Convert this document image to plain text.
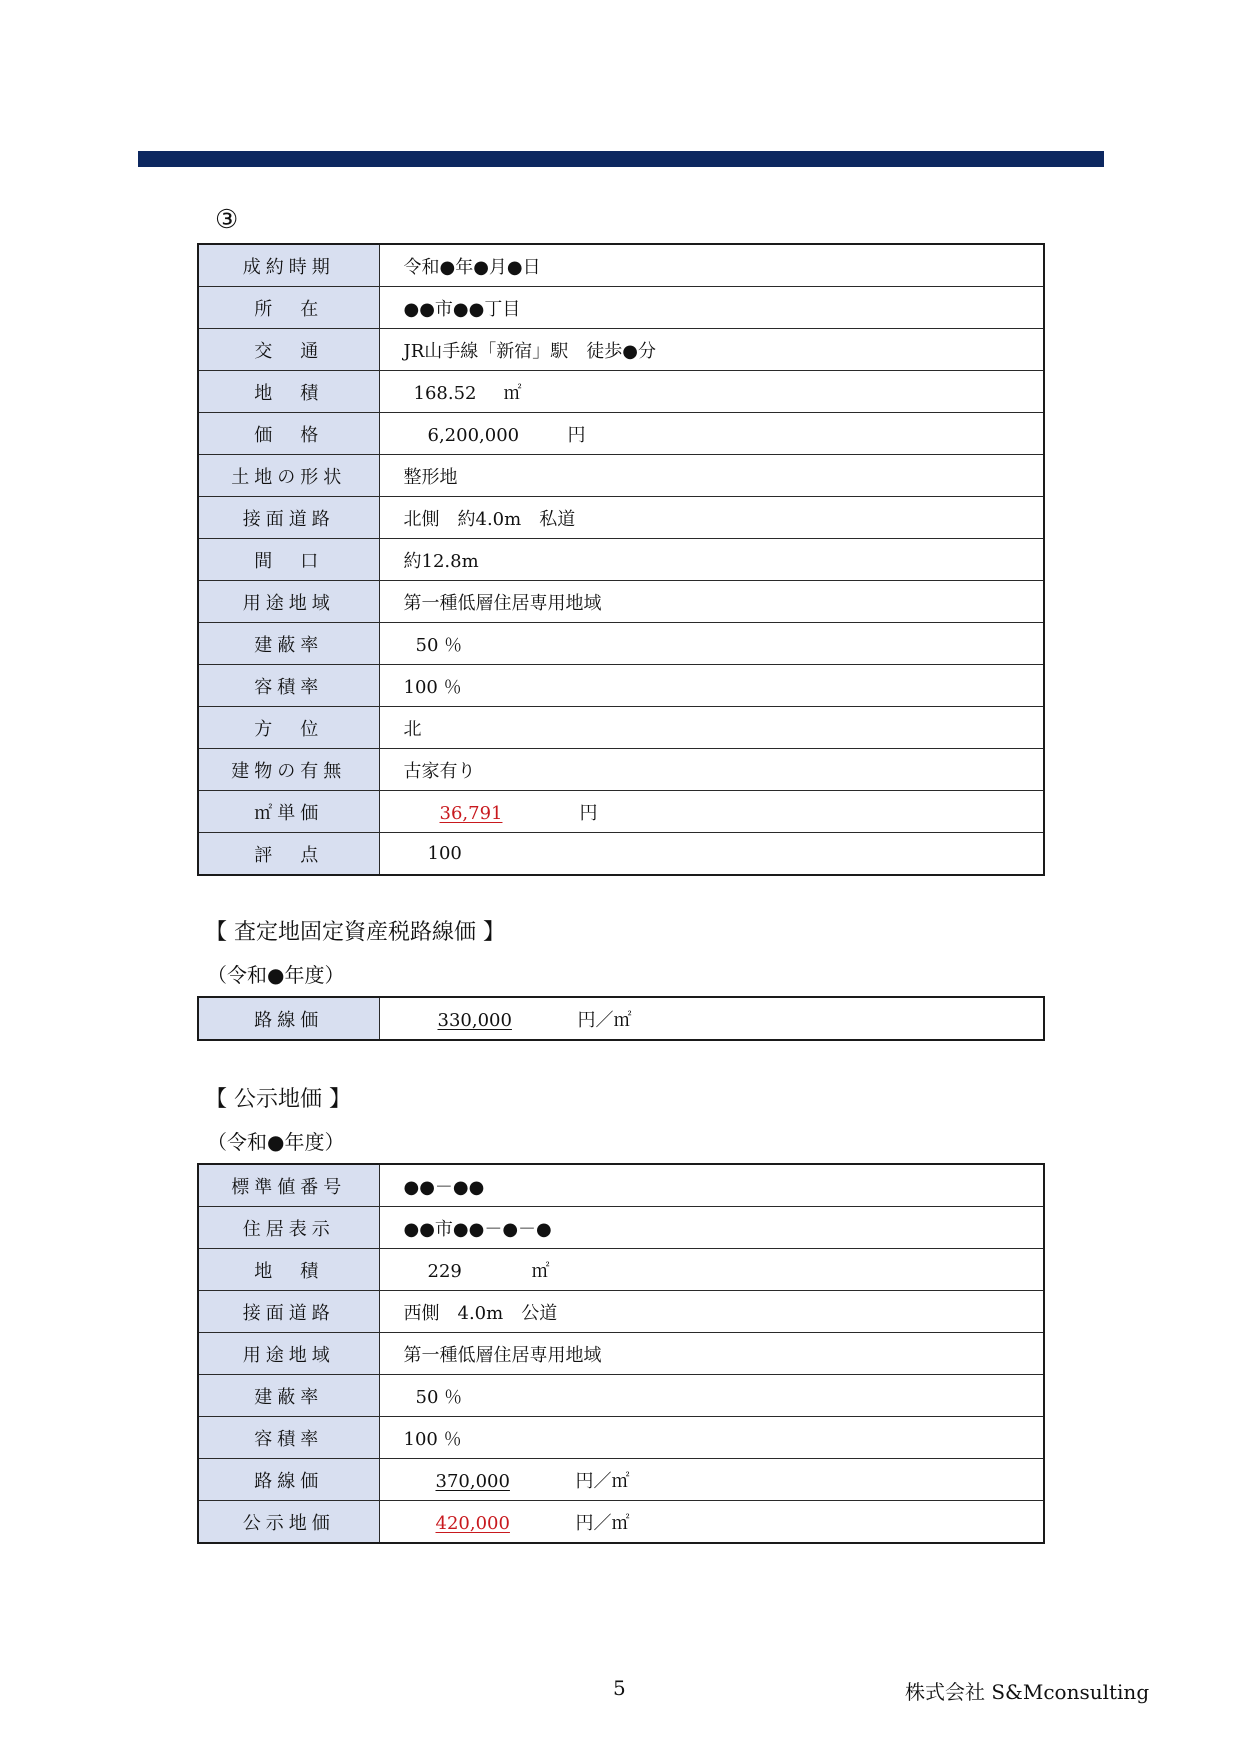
③
成約時期	令和●年●月●日
所　在	●●市●●丁目
交　通	JR山手線「新宿」駅　徒歩●分
地　積	168.52 ㎡
価　格	6,200,000 円
土地の形状	整形地
接面道路	北側　約4.0m　私道
間　口	約12.8m
用途地域	第一種低層住居専用地域
建蔽率	50 ％
容積率	100 ％
方　位	北
建物の有無	古家有り
㎡単価	36,791 円
評　点	100
【 査定地固定資産税路線価 】
（令和●年度）
路線価	330,000	円／㎡
【 公示地価 】
（令和●年度）
標準値番号	●●－●●
住居表示	●●市●●－●－●
地　積	229 ㎡
接面道路	西側　4.0m　公道
用途地域	第一種低層住居専用地域
建蔽率	50 ％
容積率	100 ％
路線価	370,000 円／㎡
公示地価	420,000 円／㎡
5	株式会社 S&Mconsulting
